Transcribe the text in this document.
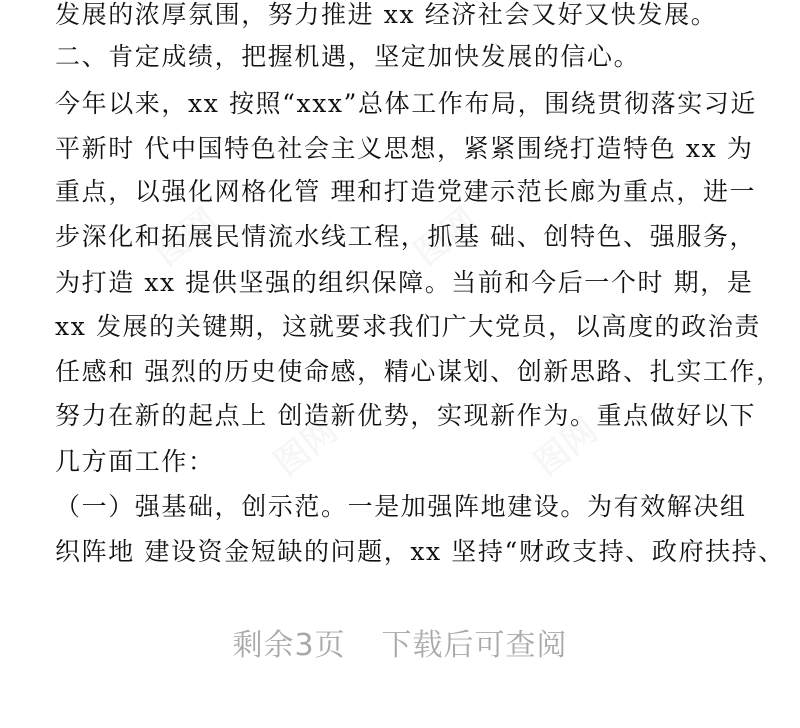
发展的浓厚氛围，努力推进 xx 经济社会又好又快发展。
二、肯定成绩，把握机遇，坚定加快发展的信心。
今年以来，xx 按照“xxx”总体工作布局，围绕贯彻落实习近
平新时 代中国特色社会主义思想，紧紧围绕打造特色 xx 为
重点，以强化网格化管 理和打造党建示范长廊为重点，进一
步深化和拓展民情流水线工程，抓基 础、创特色、强服务，
为打造 xx 提供坚强的组织保障。当前和今后一个时 期，是
xx 发展的关键期，这就要求我们广大党员，以高度的政治责
任感和 强烈的历史使命感，精心谋划、创新思路、扎实工作，
努力在新的起点上 创造新优势，实现新作为。重点做好以下
几方面工作：
（一）强基础，创示范。一是加强阵地建设。为有效解决组
织阵地 建设资金短缺的问题，xx 坚持“财政支持、政府扶持、
剩余3页 下载后可查阅
